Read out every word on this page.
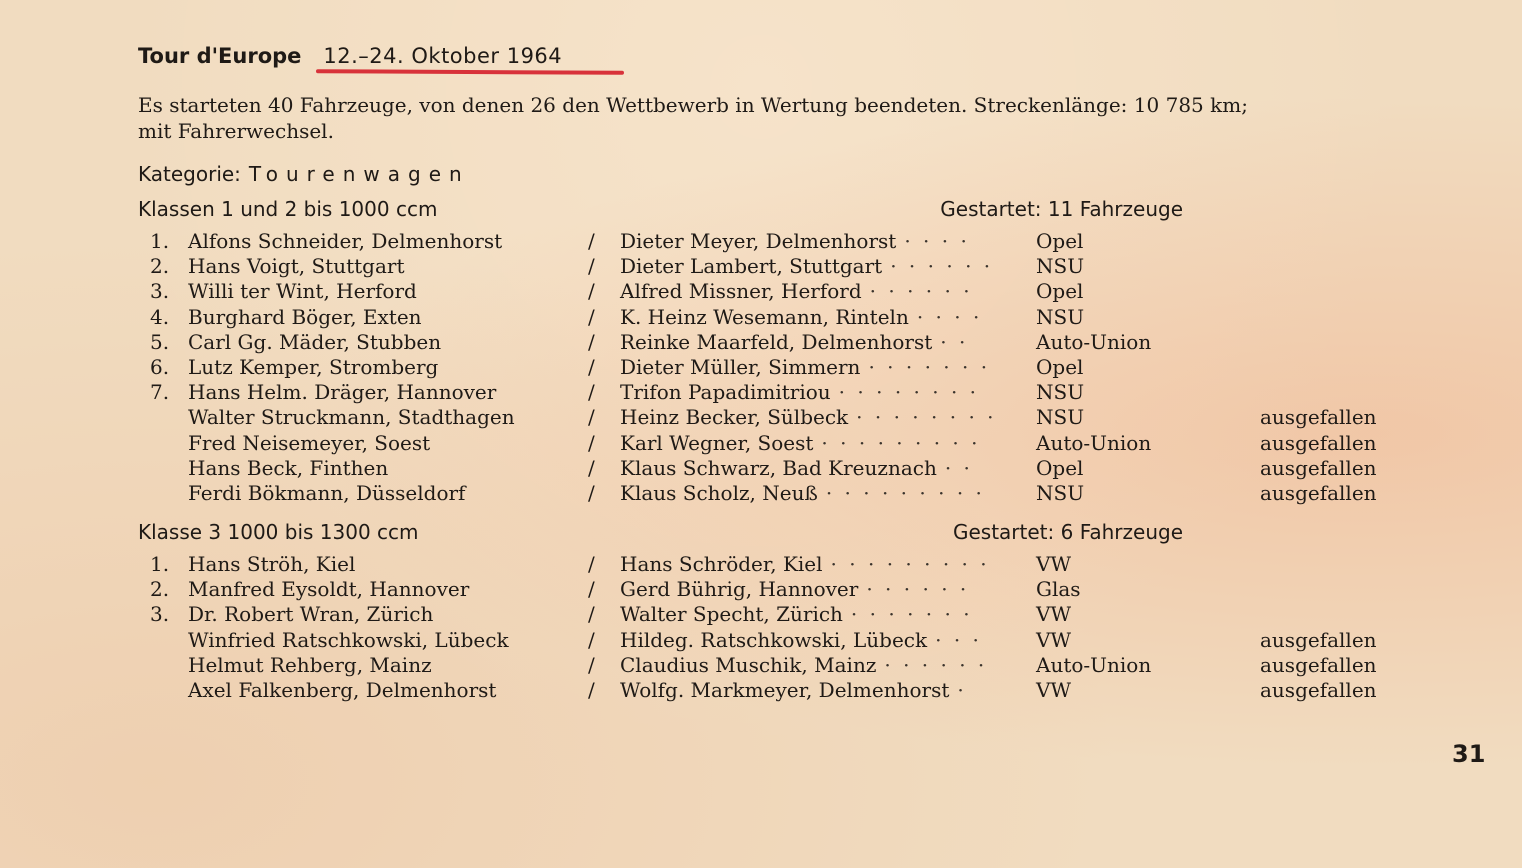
Tour d'Europe 12.–24. Oktober 1964
Es starteten 40 Fahrzeuge, von denen 26 den Wettbewerb in Wertung beendeten. Streckenlänge: 10 785 km;
mit Fahrerwechsel.
Kategorie: Tourenwagen
Klassen 1 und 2 bis 1000 ccm	Gestartet: 11 Fahrzeuge
Klasse 3 1000 bis 1300 ccm	Gestartet: 6 Fahrzeuge
1. Alfons Schneider, Delmenhorst	/ Dieter Meyer, Delmenhorst · · · ·	Opel
2. Hans Voigt, Stuttgart	/ Dieter Lambert, Stuttgart · · · · · · NSU
3. Willi ter Wint, Herford	/ Alfred Missner, Herford · · · · · ·	Opel
4. Burghard Böger, Exten	/ K. Heinz Wesemann, Rinteln · · · ·	NSU
5. Carl Gg. Mäder, Stubben	/ Reinke Maarfeld, Delmenhorst · ·	Auto-Union
6. Lutz Kemper, Stromberg	/ Dieter Müller, Simmern · · · · · · · Opel
7. Hans Helm. Dräger, Hannover	/ Trifon Papadimitriou · · · · · · · ·	NSU
Walter Struckmann, Stadthagen	/ Heinz Becker, Sülbeck · · · · · · · · NSU	ausgefallen
Fred Neisemeyer, Soest	/ Karl Wegner, Soest · · · · · · · · ·	Auto-Union	ausgefallen
Hans Beck, Finthen	/ Klaus Schwarz, Bad Kreuznach · ·	Opel	ausgefallen
Ferdi Bökmann, Düsseldorf	/ Klaus Scholz, Neuß · · · · · · · · ·	NSU	ausgefallen
1. Hans Ströh, Kiel	/ Hans Schröder, Kiel · · · · · · · · · VW
2. Manfred Eysoldt, Hannover	/ Gerd Bührig, Hannover · · · · · ·	Glas
3. Dr. Robert Wran, Zürich	/ Walter Specht, Zürich · · · · · · ·	VW
Winfried Ratschkowski, Lübeck	/ Hildeg. Ratschkowski, Lübeck · · ·	VW	ausgefallen
Helmut Rehberg, Mainz	/ Claudius Muschik, Mainz · · · · · · Auto-Union	ausgefallen
Axel Falkenberg, Delmenhorst	/ Wolfg. Markmeyer, Delmenhorst ·	VW	ausgefallen
31
